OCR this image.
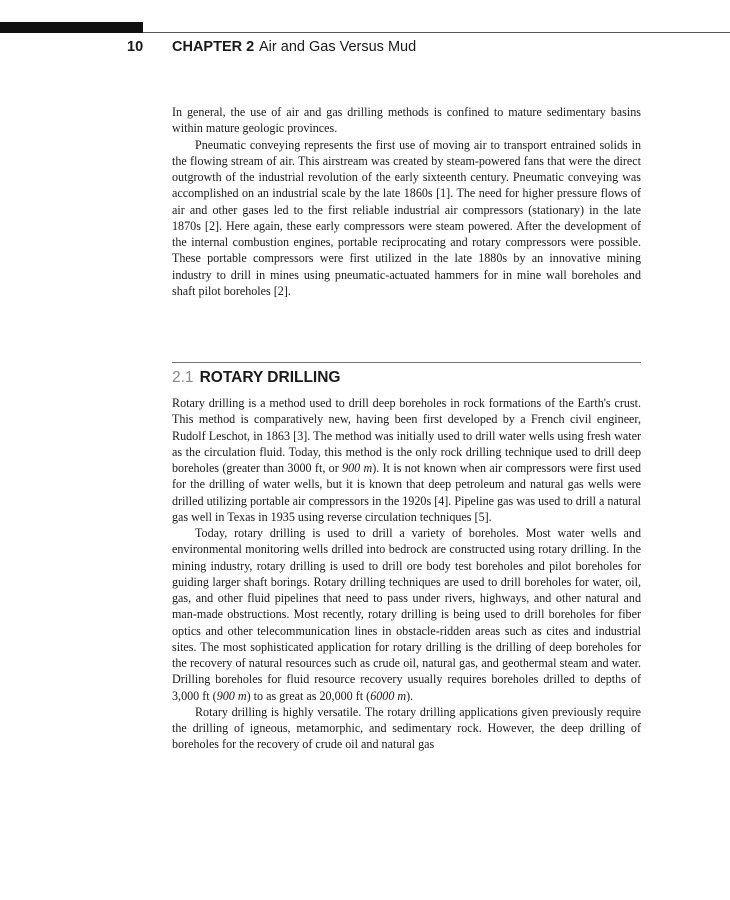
10 CHAPTER 2 Air and Gas Versus Mud

In general, the use of air and gas drilling methods is confined to mature sedimentary basins within mature geologic provinces.

Pneumatic conveying represents the first use of moving air to transport entrained solids in the flowing stream of air. This airstream was created by steam-powered fans that were the direct outgrowth of the industrial revolution of the early sixteenth century. Pneumatic conveying was accomplished on an industrial scale by the late 1860s [1]. The need for higher pressure flows of air and other gases led to the first reliable industrial air compressors (stationary) in the late 1870s [2]. Here again, these early compressors were steam powered. After the development of the internal combustion engines, portable reciprocating and rotary compressors were possible. These portable compressors were first utilized in the late 1880s by an innovative mining industry to drill in mines using pneumatic-actuated hammers for in mine wall boreholes and shaft pilot boreholes [2].

2.1 ROTARY DRILLING

Rotary drilling is a method used to drill deep boreholes in rock formations of the Earth's crust. This method is comparatively new, having been first developed by a French civil engineer, Rudolf Leschot, in 1863 [3]. The method was initially used to drill water wells using fresh water as the circulation fluid. Today, this method is the only rock drilling technique used to drill deep boreholes (greater than 3000 ft, or 900 m). It is not known when air compressors were first used for the drilling of water wells, but it is known that deep petroleum and natural gas wells were drilled utilizing portable air compressors in the 1920s [4]. Pipeline gas was used to drill a natural gas well in Texas in 1935 using reverse circulation techniques [5].

Today, rotary drilling is used to drill a variety of boreholes. Most water wells and environmental monitoring wells drilled into bedrock are constructed using rotary drilling. In the mining industry, rotary drilling is used to drill ore body test boreholes and pilot boreholes for guiding larger shaft borings. Rotary drilling techniques are used to drill boreholes for water, oil, gas, and other fluid pipelines that need to pass under rivers, highways, and other natural and man-made obstructions. Most recently, rotary drilling is being used to drill boreholes for fiber optics and other telecommunication lines in obstacle-ridden areas such as cites and industrial sites. The most sophisticated application for rotary drilling is the drilling of deep boreholes for the recovery of natural resources such as crude oil, natural gas, and geothermal steam and water. Drilling boreholes for fluid resource recovery usually requires boreholes drilled to depths of 3,000 ft (900 m) to as great as 20,000 ft (6000 m).

Rotary drilling is highly versatile. The rotary drilling applications given previously require the drilling of igneous, metamorphic, and sedimentary rock. However, the deep drilling of boreholes for the recovery of crude oil and natural gas
